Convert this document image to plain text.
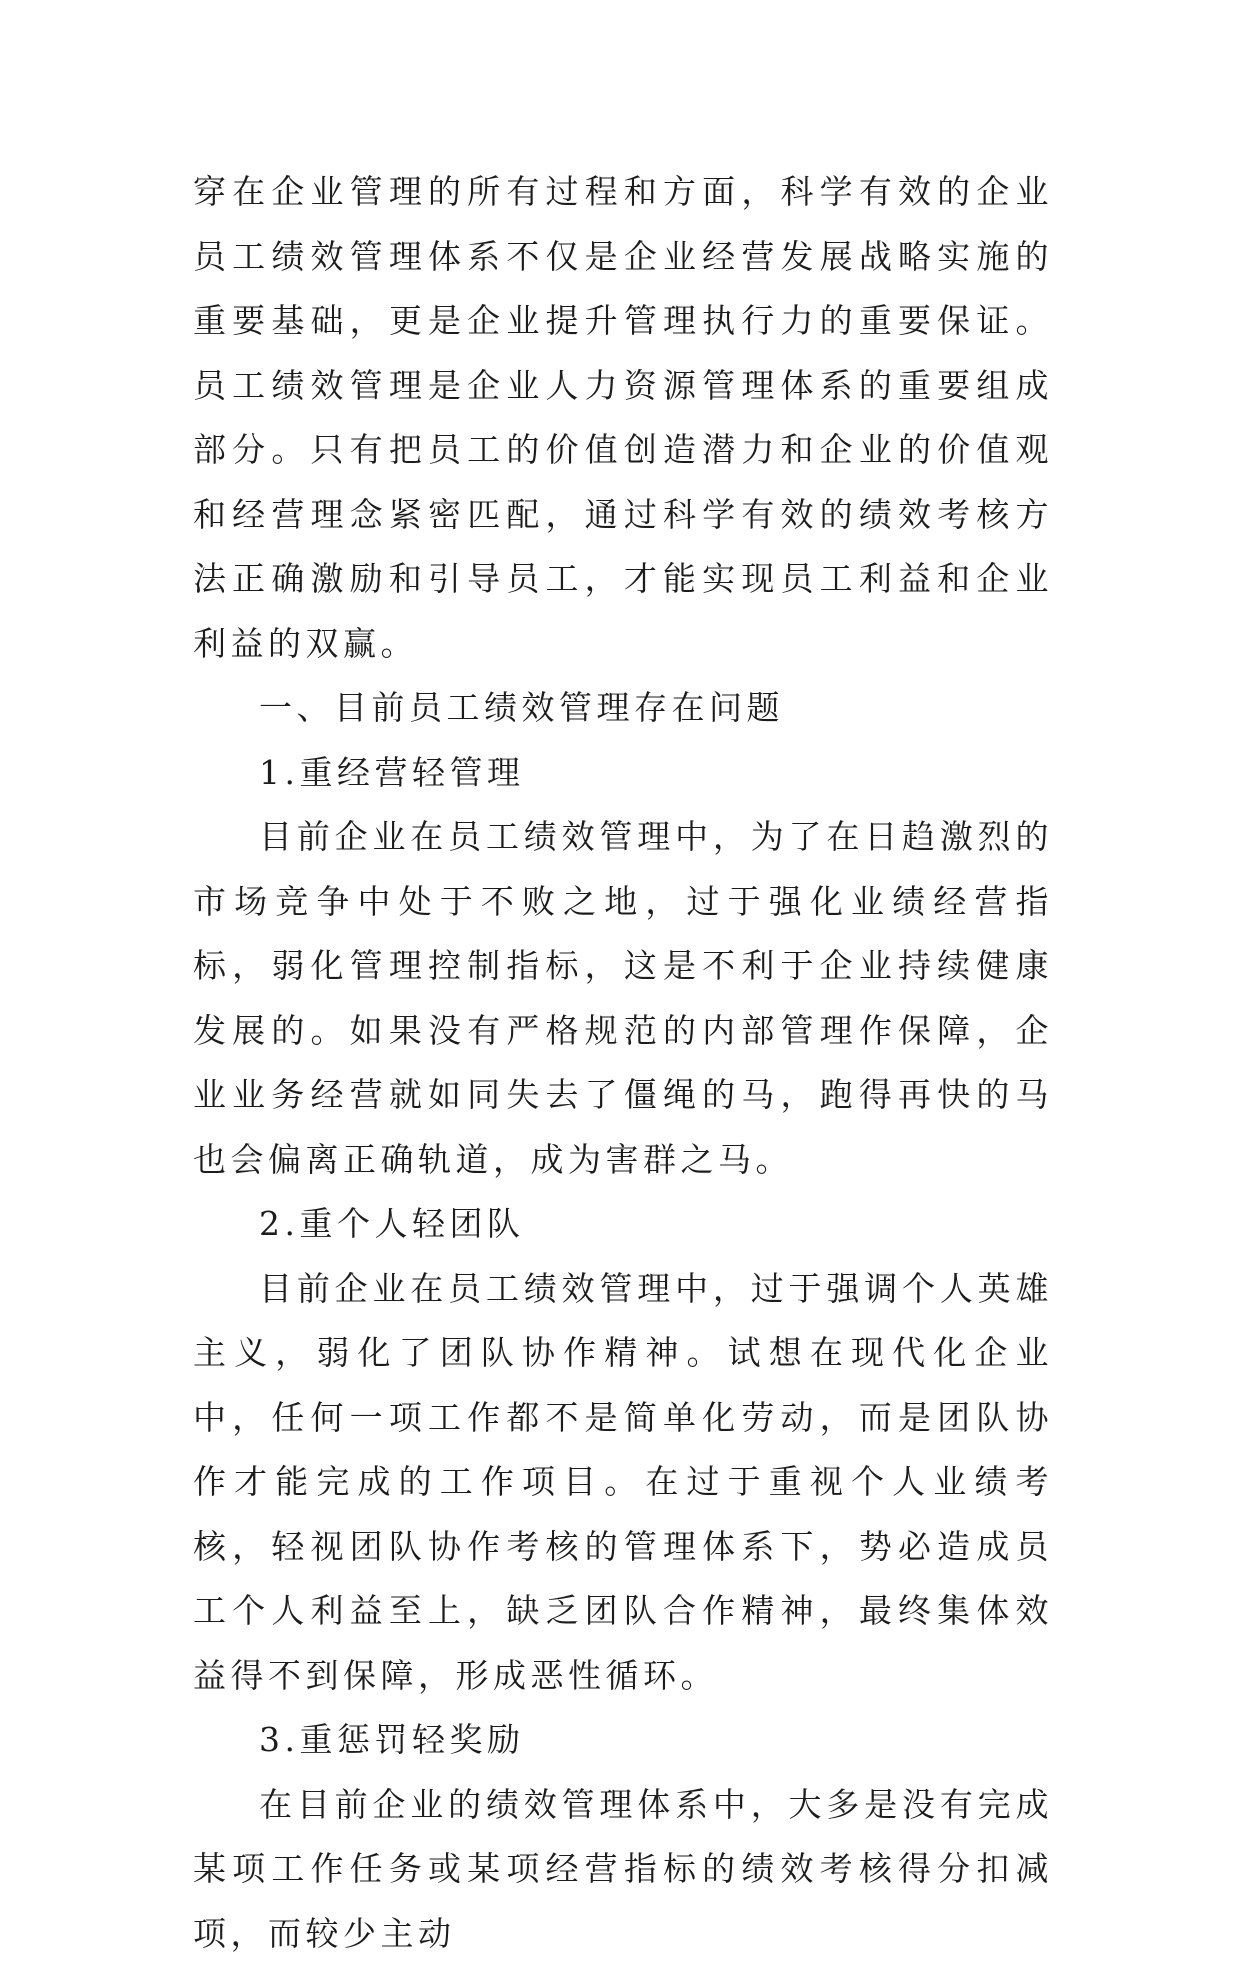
穿在企业管理的所有过程和方面，科学有效的企业员工绩效管理体系不仅是企业经营发展战略实施的重要基础，更是企业提升管理执行力的重要保证。员工绩效管理是企业人力资源管理体系的重要组成部分。只有把员工的价值创造潜力和企业的价值观和经营理念紧密匹配，通过科学有效的绩效考核方法正确激励和引导员工，才能实现员工利益和企业利益的双赢。

一、目前员工绩效管理存在问题

1.重经营轻管理

目前企业在员工绩效管理中，为了在日趋激烈的市场竞争中处于不败之地，过于强化业绩经营指标，弱化管理控制指标，这是不利于企业持续健康发展的。如果没有严格规范的内部管理作保障，企业业务经营就如同失去了僵绳的马，跑得再快的马也会偏离正确轨道，成为害群之马。

2.重个人轻团队

目前企业在员工绩效管理中，过于强调个人英雄主义，弱化了团队协作精神。试想在现代化企业中，任何一项工作都不是简单化劳动，而是团队协作才能完成的工作项目。在过于重视个人业绩考核，轻视团队协作考核的管理体系下，势必造成员工个人利益至上，缺乏团队合作精神，最终集体效益得不到保障，形成恶性循环。

3.重惩罚轻奖励

在目前企业的绩效管理体系中，大多是没有完成某项工作任务或某项经营指标的绩效考核得分扣减项，而较少主动
